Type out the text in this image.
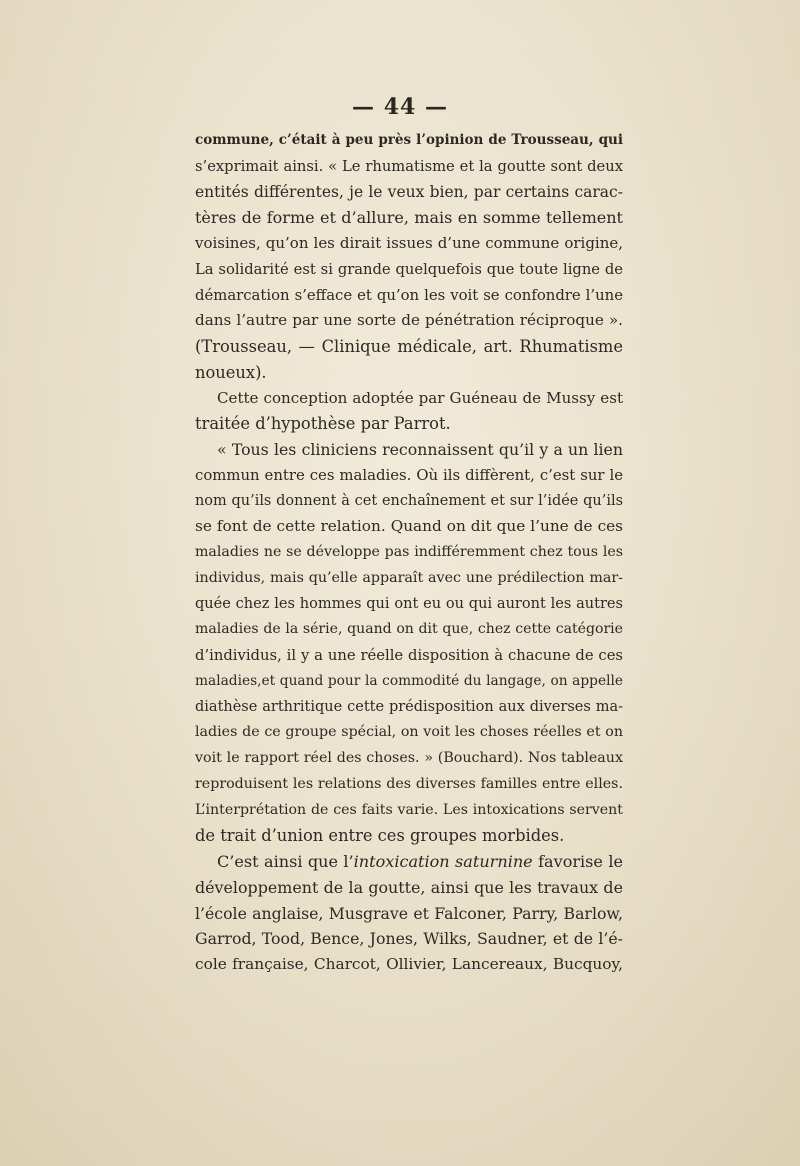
— 44 —
commune, c’était à peu près l’opinion de Trousseau, qui
s’exprimait ainsi. « Le rhumatisme et la goutte sont deux
entités différentes, je le veux bien, par certains carac-
tères de forme et d’allure, mais en somme tellement
voisines, qu’on les dirait issues d’une commune origine,
La solidarité est si grande quelquefois que toute ligne de
démarcation s’efface et qu’on les voit se confondre l’une
dans l’autre par une sorte de pénétration réciproque ».
(Trousseau, — Clinique médicale, art. Rhumatisme
noueux).
Cette conception adoptée par Guéneau de Mussy est
traitée d’hypothèse par Parrot.
« Tous les cliniciens reconnaissent qu’il y a un lien
commun entre ces maladies. Où ils diffèrent, c’est sur le
nom qu’ils donnent à cet enchaînement et sur l’idée qu’ils
se font de cette relation. Quand on dit que l’une de ces
maladies ne se développe pas indifféremment chez tous les
individus, mais qu’elle apparaît avec une prédilection mar-
quée chez les hommes qui ont eu ou qui auront les autres
maladies de la série, quand on dit que, chez cette catégorie
d’individus, il y a une réelle disposition à chacune de ces
maladies,et quand pour la commodité du langage, on appelle
diathèse arthritique cette prédisposition aux diverses ma-
ladies de ce groupe spécial, on voit les choses réelles et on
voit le rapport réel des choses. » (Bouchard). Nos tableaux
reproduisent les relations des diverses familles entre elles.
L’interprétation de ces faits varie. Les intoxications servent
de trait d’union entre ces groupes morbides.
C’est ainsi que l’intoxication saturnine favorise le
développement de la goutte, ainsi que les travaux de
l’école anglaise, Musgrave et Falconer, Parry, Barlow,
Garrod, Tood, Bence, Jones, Wilks, Saudner, et de l’é-
cole française, Charcot, Ollivier, Lancereaux, Bucquoy,
